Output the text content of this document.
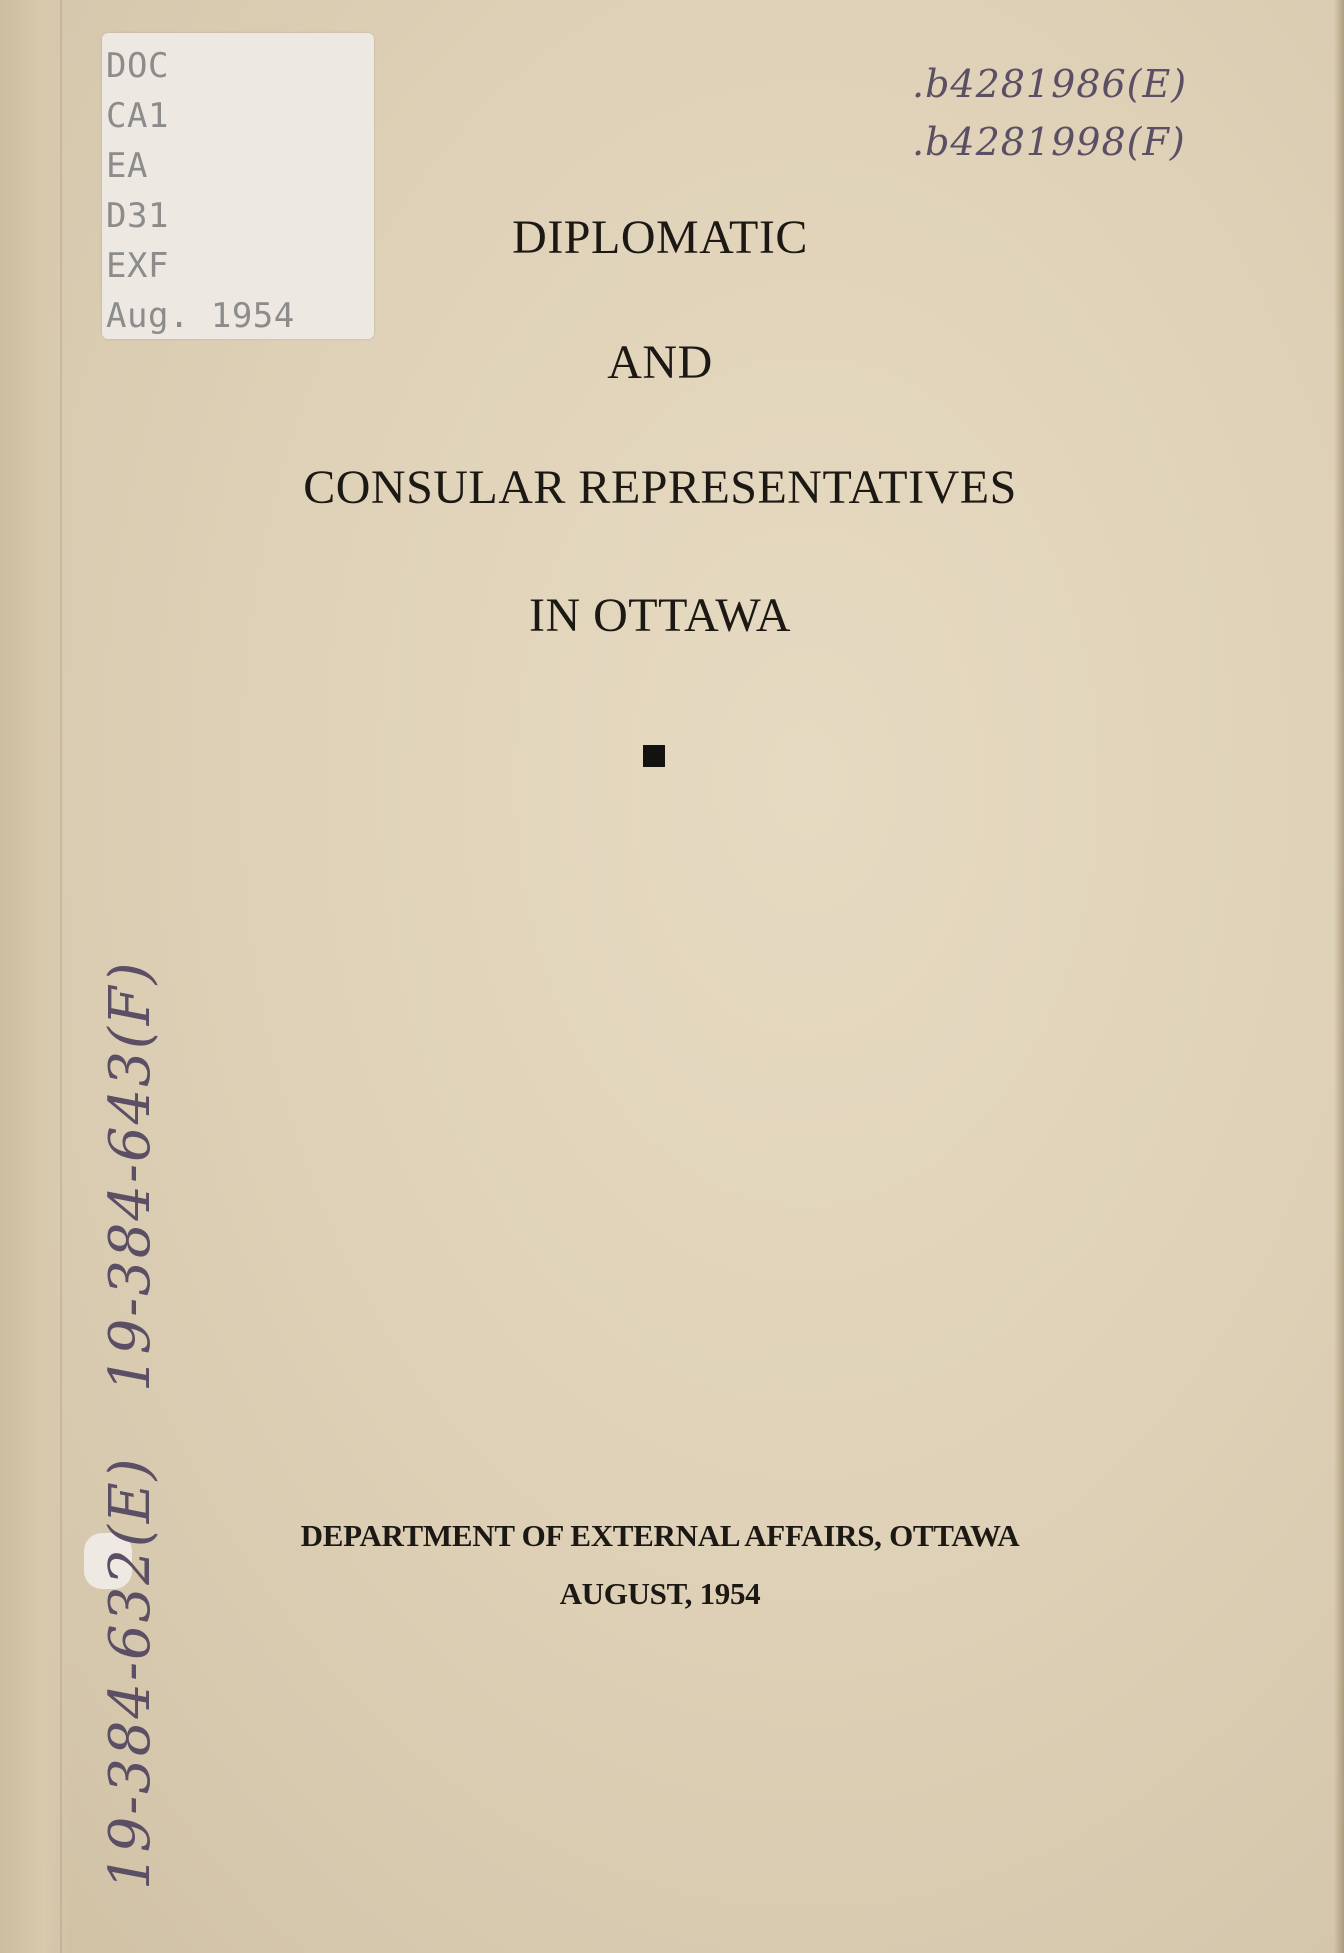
DOC
CA1
EA
D31
EXF
Aug. 1954
.b4281986(E)
.b4281998(F)
DIPLOMATIC
AND
CONSULAR REPRESENTATIVES
IN OTTAWA
19-384-643(F)
19-384-632(E)	DEPARTMENT OF EXTERNAL AFFAIRS, OTTAWA
AUGUST, 1954
